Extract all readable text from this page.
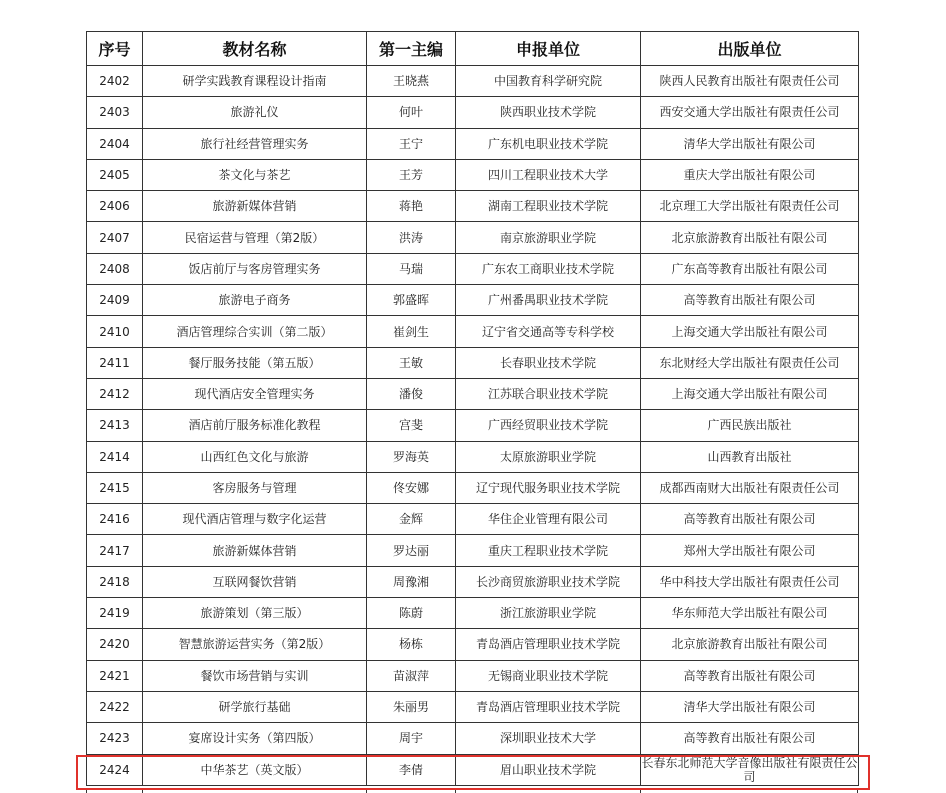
序号	教材名称	第一主编	申报单位	出版单位
2402	研学实践教育课程设计指南	王晓燕	中国教育科学研究院	陕西人民教育出版社有限责任公司
2403	旅游礼仪	何叶	陕西职业技术学院	西安交通大学出版社有限责任公司
2404	旅行社经营管理实务	王宁	广东机电职业技术学院	清华大学出版社有限公司
2405	茶文化与茶艺	王芳	四川工程职业技术大学	重庆大学出版社有限公司
2406	旅游新媒体营销	蒋艳	湖南工程职业技术学院	北京理工大学出版社有限责任公司
2407	民宿运营与管理（第2版）	洪涛	南京旅游职业学院	北京旅游教育出版社有限公司
2408	饭店前厅与客房管理实务	马瑞	广东农工商职业技术学院	广东高等教育出版社有限公司
2409	旅游电子商务	郭盛晖	广州番禺职业技术学院	高等教育出版社有限公司
2410	酒店管理综合实训（第二版）	崔剑生	辽宁省交通高等专科学校	上海交通大学出版社有限公司
2411	餐厅服务技能（第五版）	王敏	长春职业技术学院	东北财经大学出版社有限责任公司
2412	现代酒店安全管理实务	潘俊	江苏联合职业技术学院	上海交通大学出版社有限公司
2413	酒店前厅服务标准化教程	宫斐	广西经贸职业技术学院	广西民族出版社
2414	山西红色文化与旅游	罗海英	太原旅游职业学院	山西教育出版社
2415	客房服务与管理	佟安娜	辽宁现代服务职业技术学院	成都西南财大出版社有限责任公司
2416	现代酒店管理与数字化运营	金辉	华住企业管理有限公司	高等教育出版社有限公司
2417	旅游新媒体营销	罗达丽	重庆工程职业技术学院	郑州大学出版社有限公司
2418	互联网餐饮营销	周豫湘	长沙商贸旅游职业技术学院	华中科技大学出版社有限责任公司
2419	旅游策划（第三版）	陈蔚	浙江旅游职业学院	华东师范大学出版社有限公司
2420	智慧旅游运营实务（第2版）	杨栋	青岛酒店管理职业技术学院	北京旅游教育出版社有限公司
2421	餐饮市场营销与实训	苗淑萍	无锡商业职业技术学院	高等教育出版社有限公司
2422	研学旅行基础	朱丽男	青岛酒店管理职业技术学院	清华大学出版社有限公司
2423	宴席设计实务（第四版）	周宇	深圳职业技术大学	高等教育出版社有限公司
2424	中华茶艺（英文版）	李倩	眉山职业技术学院	长春东北师范大学音像出版社有限责任公司
